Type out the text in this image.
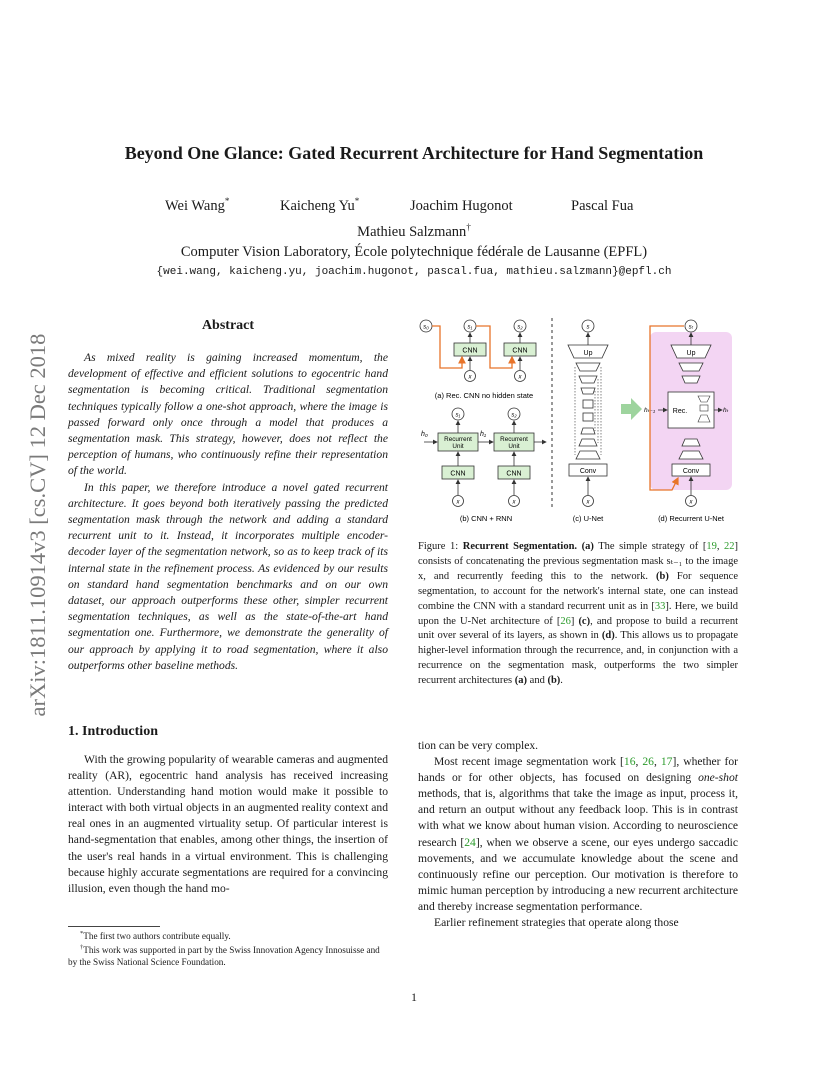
arXiv:1811.10914v3 [cs.CV] 12 Dec 2018
Beyond One Glance: Gated Recurrent Architecture for Hand Segmentation
Wei Wang*	Kaicheng Yu*	Joachim Hugonot	Pascal Fua
Mathieu Salzmann†
Computer Vision Laboratory, École polytechnique fédérale de Lausanne (EPFL)
{wei.wang, kaicheng.yu, joachim.hugonot, pascal.fua, mathieu.salzmann}@epfl.ch
Abstract

As mixed reality is gaining increased momentum, the development of effective and efficient solutions to egocentric hand segmentation is becoming critical. Traditional segmentation techniques typically follow a one-shot approach, where the image is passed forward only once through a model that produces a segmentation mask. This strategy, however, does not reflect the perception of humans, who continuously refine their representation of the world.

In this paper, we therefore introduce a novel gated recurrent architecture. It goes beyond both iteratively passing the predicted segmentation mask through the network and adding a standard recurrent unit to it. Instead, it incorporates multiple encoder-decoder layer of the segmentation network, so as to keep track of its internal state in the refinement process. As evidenced by our results on standard hand segmentation benchmarks and on our own dataset, our approach outperforms these other, simpler recurrent segmentation techniques, as well as the state-of-the-art hand segmentation one. Furthermore, we demonstrate the generality of our approach by applying it to road segmentation, where it also outperforms other baseline methods.

1. Introduction

With the growing popularity of wearable cameras and augmented reality (AR), egocentric hand analysis has received increasing attention. Understanding hand motion would make it possible to interact with both virtual objects in an augmented reality context and real ones in an augmented virtuality setup. Of particular interest is hand-segmentation that enables, among other things, the insertion of the user's real hands in a virtual environment. This is challenging because highly accurate segmentations are required for a convincing illusion, even though the hand mo-

*The first two authors contribute equally.

†This work was supported in part by the Swiss Innovation Agency Innosuisse and by the Swiss National Science Foundation.

s₀	s₁	s₂
CNN	CNN
x	x
(a) Rec. CNN no hidden state
s₁	s₂
Recurrent
Unit
Recurrent
Unit
h₀	h₁
CNN	CNN
x	x
(b) CNN + RNN
s
Up
Conv
x
(c) U-Net
sₜ
Up
Rec.
hₜ₋₁	hₜ
Conv
x
(d) Recurrent U-Net
Figure 1: Recurrent Segmentation. (a) The simple strategy of [19, 22] consists of concatenating the previous segmentation mask sₜ₋₁ to the image x, and recurrently feeding this to the network. (b) For sequence segmentation, to account for the network's internal state, one can instead combine the CNN with a standard recurrent unit as in [33]. Here, we build upon the U-Net architecture of [26] (c), and propose to build a recurrent unit over several of its layers, as shown in (d). This allows us to propagate higher-level information through the recurrence, and, in conjunction with a recurrence on the segmentation mask, outperforms the two simpler recurrent architectures (a) and (b).

tion can be very complex.

Most recent image segmentation work [16, 26, 17], whether for hands or for other objects, has focused on designing one-shot methods, that is, algorithms that take the image as input, process it, and return an output without any feedback loop. This is in contrast with what we know about human vision. According to neuroscience research [24], when we observe a scene, our eyes undergo saccadic movements, and we accumulate knowledge about the scene and continuously refine our perception. Our motivation is therefore to mimic human perception by introducing a new recurrent architecture and thereby increase segmentation performance.

Earlier refinement strategies that operate along those

1
